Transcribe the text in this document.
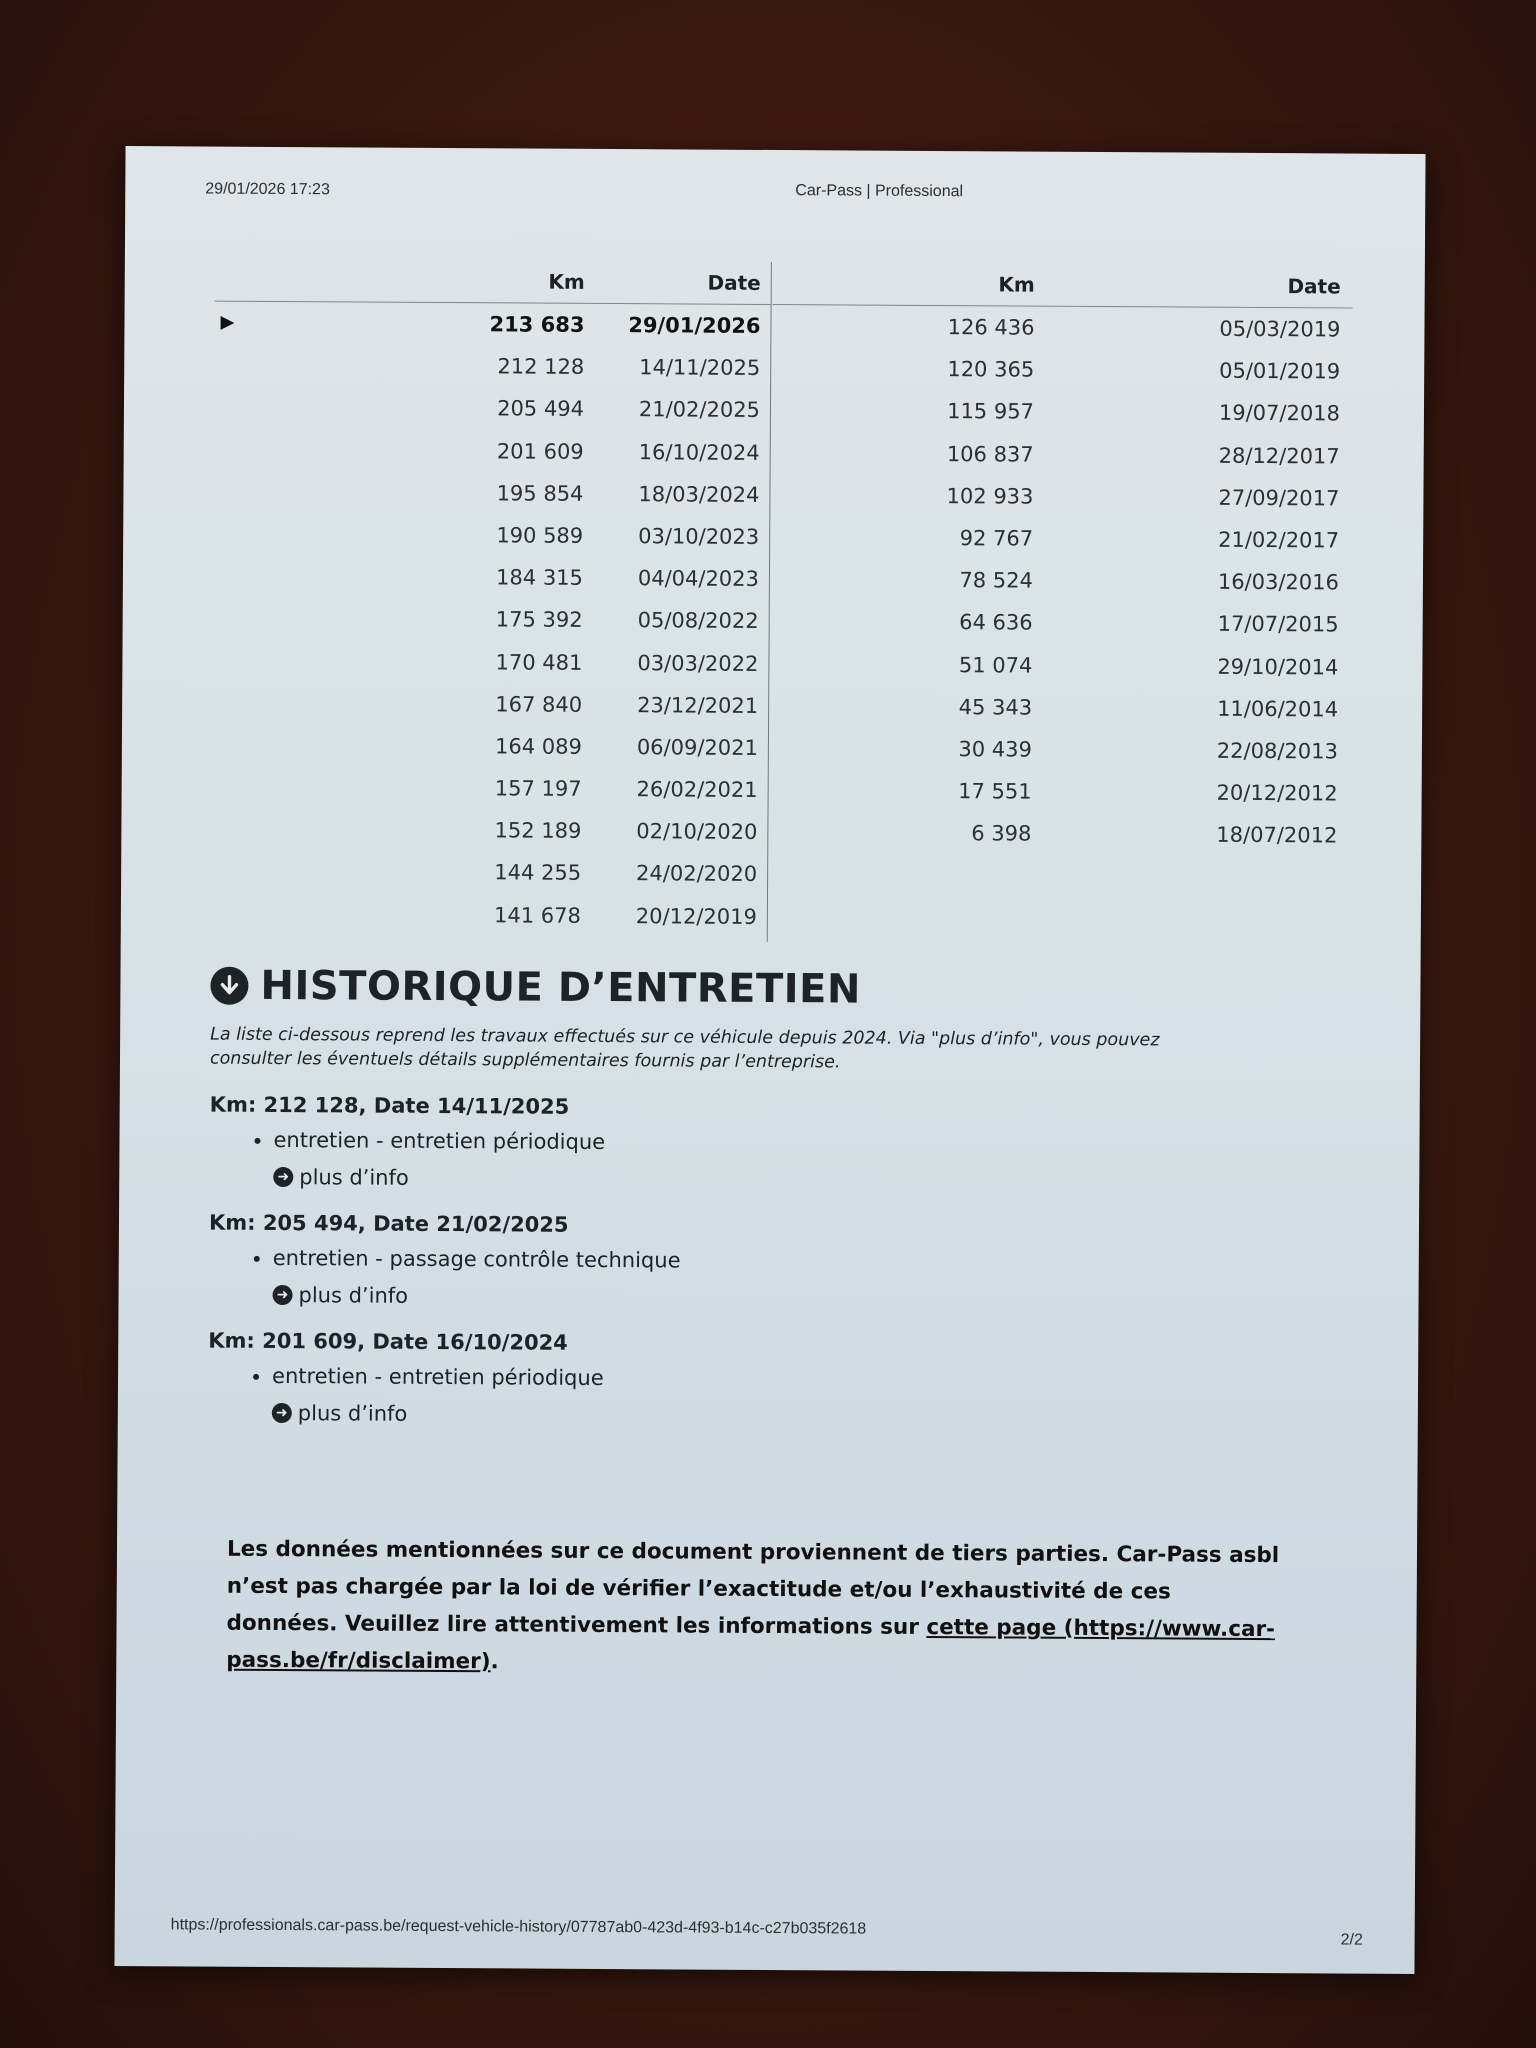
29/01/2026 17:23	Car-Pass | Professional
Km	Date
▶	213 683	29/01/2026
212 128	14/11/2025
205 494	21/02/2025
201 609	16/10/2024
195 854	18/03/2024
190 589	03/10/2023
184 315	04/04/2023
175 392	05/08/2022
170 481	03/03/2022
167 840	23/12/2021
164 089	06/09/2021
157 197	26/02/2021
152 189	02/10/2020
144 255	24/02/2020
141 678	20/12/2019
Km	Date
126 436	05/03/2019
120 365	05/01/2019
115 957	19/07/2018
106 837	28/12/2017
102 933	27/09/2017
92 767	21/02/2017
78 524	16/03/2016
64 636	17/07/2015
51 074	29/10/2014
45 343	11/06/2014
30 439	22/08/2013
17 551	20/12/2012
6 398	18/07/2012
HISTORIQUE D’ENTRETIEN
La liste ci-dessous reprend les travaux effectués sur ce véhicule depuis 2024. Via "plus d’info", vous pouvez consulter les éventuels détails supplémentaires fournis par l’entreprise.
Km: 212 128, Date 14/11/2025
• entretien - entretien périodique
➜ plus d’info
Km: 205 494, Date 21/02/2025
• entretien - passage contrôle technique
➜ plus d’info
Km: 201 609, Date 16/10/2024
• entretien - entretien périodique
➜ plus d’info
Les données mentionnées sur ce document proviennent de tiers parties. Car-Pass asbl n’est pas chargée par la loi de vérifier l’exactitude et/ou l’exhaustivité de ces données. Veuillez lire attentivement les informations sur cette page (https://www.car-pass.be/fr/disclaimer).
https://professionals.car-pass.be/request-vehicle-history/07787ab0-423d-4f93-b14c-c27b035f2618
2/2
